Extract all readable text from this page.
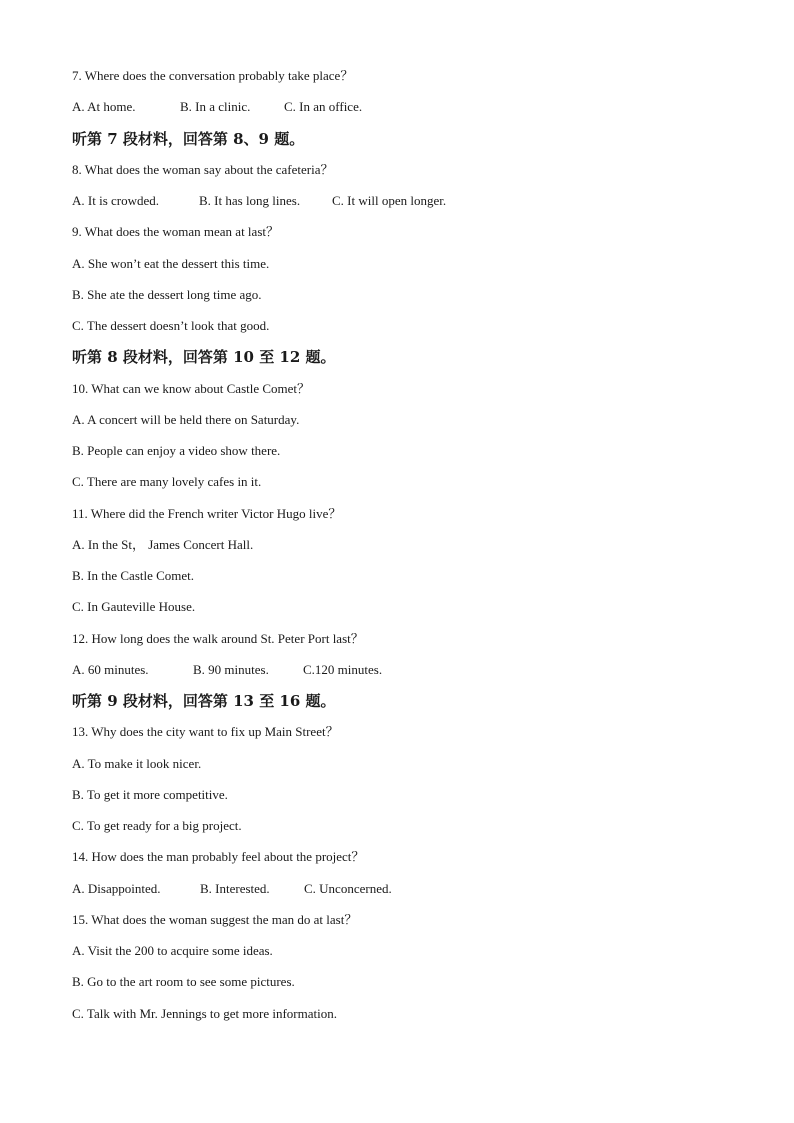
7. Where does the conversation probably take place？
A. At home.	B. In a clinic.	C. In an office.
听第 7 段材料，回答第 8、9 题。
8. What does the woman say about the cafeteria？
A. It is crowded.	B. It has long lines. C. It will open longer.
9. What does the woman mean at last？
A. She won’t eat the dessert this time.
B. She ate the dessert long time ago.
C. The dessert doesn’t look that good.
听第 8 段材料，回答第 10 至 12 题。
10. What can we know about Castle Comet？
A. A concert will be held there on Saturday.
B. People can enjoy a video show there.
C. There are many lovely cafes in it.
11. Where did the French writer Victor Hugo live？
A. In the St， James Concert Hall.
B. In the Castle Comet.
C. In Gauteville House.
12. How long does the walk around St. Peter Port last？
A. 60 minutes.	B. 90 minutes.	C.120 minutes.
听第 9 段材料，回答第 13 至 16 题。
13. Why does the city want to fix up Main Street？
A. To make it look nicer.
B. To get it more competitive.
C. To get ready for a big project.
14. How does the man probably feel about the project？
A. Disappointed.	B. Interested.	C. Unconcerned.
15. What does the woman suggest the man do at last？
A. Visit the 200 to acquire some ideas.
B. Go to the art room to see some pictures.
C. Talk with Mr. Jennings to get more information.
